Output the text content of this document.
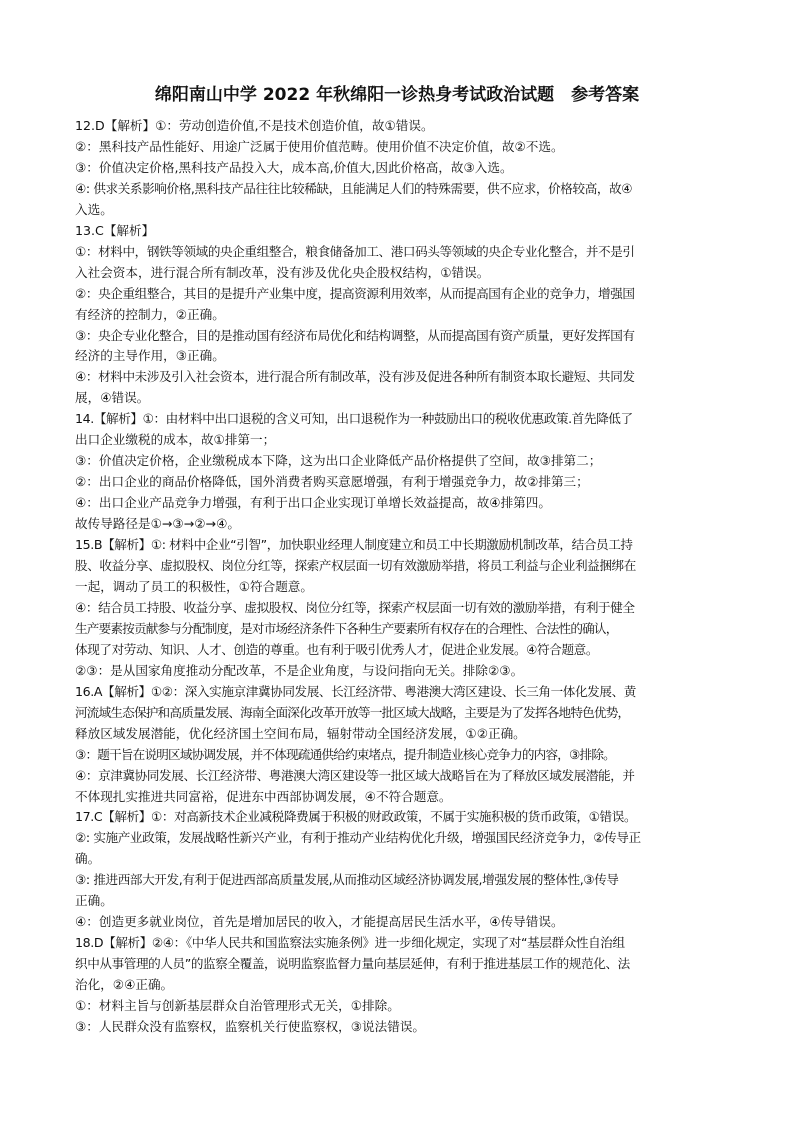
绵阳南山中学 2022 年秋绵阳一诊热身考试政治试题　参考答案

12.D【解析】①：劳动创造价值,不是技术创造价值，故①错误。

②：黑科技产品性能好、用途广泛属于使用价值范畴。使用价值不决定价值，故②不选。

③：价值决定价格,黑科技产品投入大，成本高,价值大,因此价格高，故③入选。

④: 供求关系影响价格,黑科技产品往往比较稀缺，且能满足人们的特殊需要，供不应求，价格较高，故④

入选。

13.C【解析】

①：材料中，钢铁等领域的央企重组整合，粮食储备加工、港口码头等领域的央企专业化整合，并不是引

入社会资本，进行混合所有制改革，没有涉及优化央企股权结构，①错误。

②：央企重组整合，其目的是提升产业集中度，提高资源利用效率，从而提高国有企业的竞争力，增强国

有经济的控制力，②正确。

③：央企专业化整合，目的是推动国有经济布局优化和结构调整，从而提高国有资产质量，更好发挥国有

经济的主导作用，③正确。

④：材料中未涉及引入社会资本，进行混合所有制改革，没有涉及促进各种所有制资本取长避短、共同发

展，④错误。

14.【解析】①：由材料中出口退税的含义可知，出口退税作为一种鼓励出口的税收优惠政策.首先降低了

出口企业缴税的成本，故①排第一；

③：价值决定价格，企业缴税成本下降，这为出口企业降低产品价格提供了空间，故③排第二；

②：出口企业的商品价格降低，国外消费者购买意愿增强，有利于增强竞争力，故②排第三；

④：出口企业产品竞争力增强，有利于出口企业实现订单增长效益提高，故④排第四。

故传导路径是①→③→②→④。

15.B【解析】①: 材料中企业“引智”，加快职业经理人制度建立和员工中长期激励机制改革，结合员工持

股、收益分享、虚拟股权、岗位分红等，探索产权层面一切有效激励举措，将员工利益与企业利益捆绑在

一起，调动了员工的积极性，①符合题意。

④：结合员工持股、收益分享、虚拟股权、岗位分红等，探索产权层面一切有效的激励举措，有利于健全

生产要素按贡献参与分配制度，是对市场经济条件下各种生产要素所有权存在的合理性、合法性的确认，

体现了对劳动、知识、人才、创造的尊重。也有利于吸引优秀人才，促进企业发展。④符合题意。

②③：是从国家角度推动分配改革，不是企业角度，与设问指向无关。排除②③。

16.A【解析】①②：深入实施京津冀协同发展、长江经济带、粤港澳大湾区建设、长三角一体化发展、黄

河流域生态保护和高质量发展、海南全面深化改革开放等一批区域大战略，主要是为了发挥各地特色优势，

释放区域发展潜能，优化经济国土空间布局，辐射带动全国经济发展，①②正确。

③：题干旨在说明区域协调发展，并不体现疏通供给约束堵点，提升制造业核心竞争力的内容，③排除。

④：京津冀协同发展、长江经济带、粤港澳大湾区建设等一批区域大战略旨在为了释放区域发展潜能，并

不体现扎实推进共同富裕，促进东中西部协调发展，④不符合题意。

17.C【解析】①：对高新技术企业减税降费属于积极的财政政策，不属于实施积极的货币政策，①错误。

②: 实施产业政策，发展战略性新兴产业，有利于推动产业结构优化升级，增强国民经济竞争力，②传导正

确。

③: 推进西部大开发,有利于促进西部高质量发展,从而推动区域经济协调发展,增强发展的整体性,③传导

正确。

④：创造更多就业岗位，首先是增加居民的收入，才能提高居民生活水平，④传导错误。

18.D【解析】②④：《中华人民共和国监察法实施条例》进一步细化规定，实现了对“基层群众性自治组

织中从事管理的人员”的监察全覆盖，说明监察监督力量向基层延伸，有利于推进基层工作的规范化、法

治化，②④正确。

①：材料主旨与创新基层群众自治管理形式无关，①排除。

③：人民群众没有监察权，监察机关行使监察权，③说法错误。
